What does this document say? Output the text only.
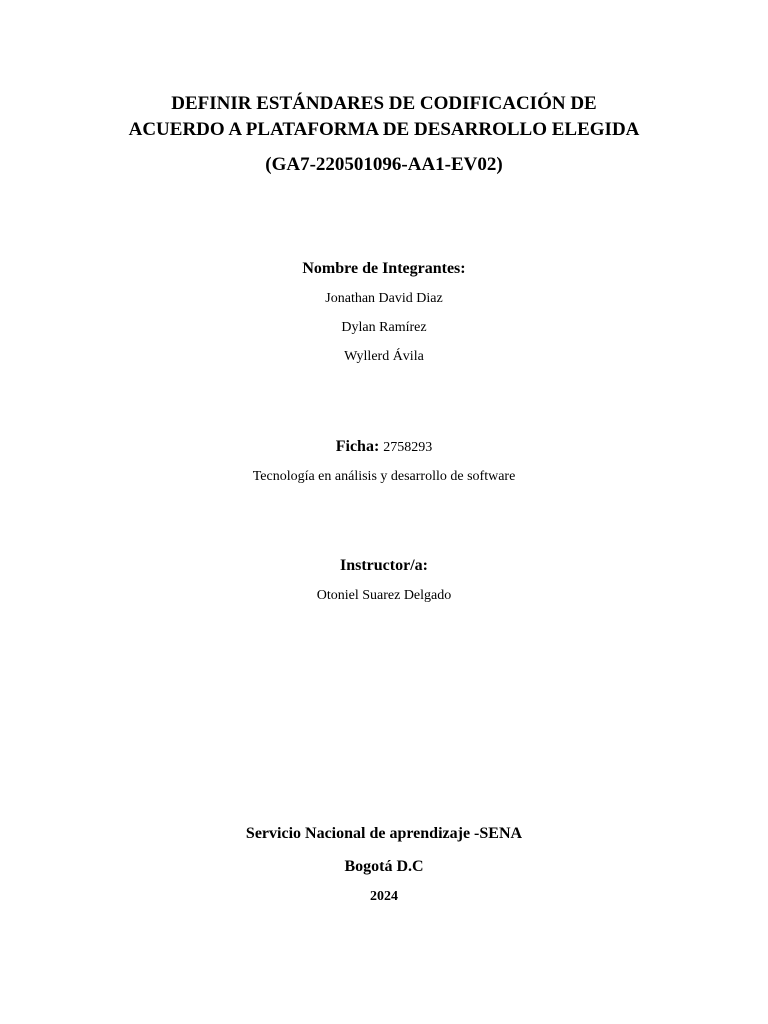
DEFINIR ESTÁNDARES DE CODIFICACIÓN DE
ACUERDO A PLATAFORMA DE DESARROLLO ELEGIDA
(GA7-220501096-AA1-EV02)
Nombre de Integrantes:
Jonathan David Diaz
Dylan Ramírez
Wyllerd Ávila
Ficha: 2758293
Tecnología en análisis y desarrollo de software
Instructor/a:
Otoniel Suarez Delgado
Servicio Nacional de aprendizaje -SENA
Bogotá D.C
2024
